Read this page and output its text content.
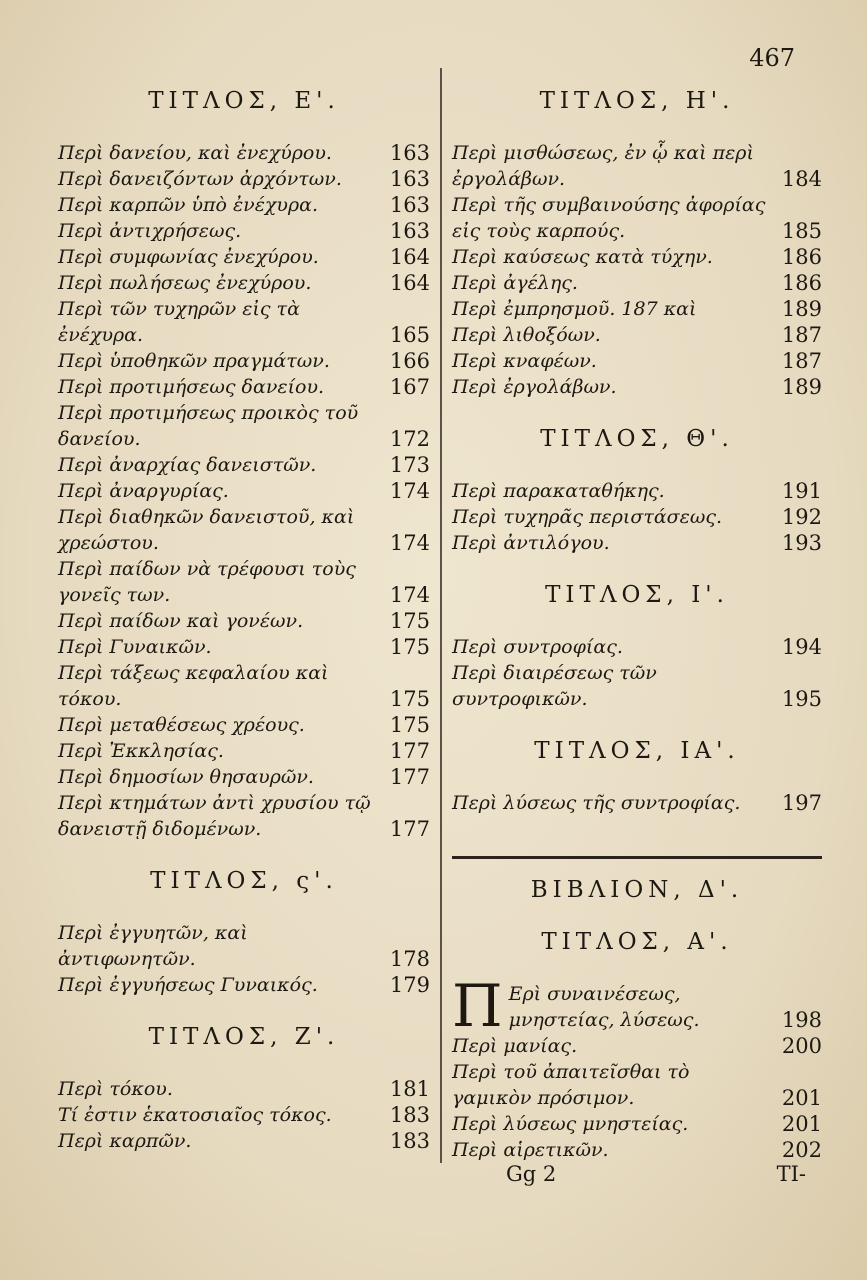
467
ΤΙΤΛΟΣ, Ε'.
Περὶ δανείου, καὶ ἐνεχύρου.	163
Περὶ δανειζόντων ἀρχόντων.	163
Περὶ καρπῶν ὑπὸ ἐνέχυρα.	163
Περὶ ἀντιχρήσεως.	163
Περὶ συμφωνίας ἐνεχύρου.	164
Περὶ πωλήσεως ἐνεχύρου.	164
Περὶ τῶν τυχηρῶν εἰς τὰ ἐνέχυρα.	165
Περὶ ὑποθηκῶν πραγμάτων.	166
Περὶ προτιμήσεως δανείου.	167
Περὶ προτιμήσεως προικὸς τοῦ δανείου.	172
Περὶ ἀναρχίας δανειστῶν.	173
Περὶ ἀναργυρίας.	174
Περὶ διαθηκῶν δανειστοῦ, καὶ χρεώστου.	174
Περὶ παίδων νὰ τρέφουσι τοὺς γονεῖς των.	174
Περὶ παίδων καὶ γονέων.	175
Περὶ Γυναικῶν.	175
Περὶ τάξεως κεφαλαίου καὶ τόκου.	175
Περὶ μεταθέσεως χρέους.	175
Περὶ Ἐκκλησίας.	177
Περὶ δημοσίων θησαυρῶν.	177
Περὶ κτημάτων ἀντὶ χρυσίου τῷ δανειστῇ διδομένων.	177
ΤΙΤΛΟΣ, ς'.
Περὶ ἐγγυητῶν, καὶ ἀντιφωνητῶν.	178
Περὶ ἐγγυήσεως Γυναικός.	179
ΤΙΤΛΟΣ, Ζ'.
Περὶ τόκου.	181
Τί ἐστιν ἑκατοσιαῖος τόκος.	183
Περὶ καρπῶν.	183
ΤΙΤΛΟΣ, Η'.
Περὶ μισθώσεως, ἐν ᾧ καὶ περὶ ἐργολάβων.	184
Περὶ τῆς συμβαινούσης ἀφορίας εἰς τοὺς καρπούς.	185
Περὶ καύσεως κατὰ τύχην.	186
Περὶ ἀγέλης.	186
Περὶ ἐμπρησμοῦ. 187 καὶ	189
Περὶ λιθοξόων.	187
Περὶ κναφέων.	187
Περὶ ἐργολάβων.	189
ΤΙΤΛΟΣ, Θ'.
Περὶ παρακαταθήκης.	191
Περὶ τυχηρᾶς περιστάσεως.	192
Περὶ ἀντιλόγου.	193
ΤΙΤΛΟΣ, Ι'.
Περὶ συντροφίας.	194
Περὶ διαιρέσεως τῶν συντροφικῶν.	195
ΤΙΤΛΟΣ, ΙΑ'.
Περὶ λύσεως τῆς συντροφίας.	197
ΒΙΒΛΙΟΝ, Δ'.
ΤΙΤΛΟΣ, Α'.
Π Ερὶ συναινέσεως, μνηστείας, λύσεως.	198
Περὶ μανίας.	200
Περὶ τοῦ ἀπαιτεῖσθαι τὸ γαμικὸν πρόσιμον.	201
Περὶ λύσεως μνηστείας.	201
Περὶ αἱρετικῶν.	202
Gg 2	ΤΙ-
